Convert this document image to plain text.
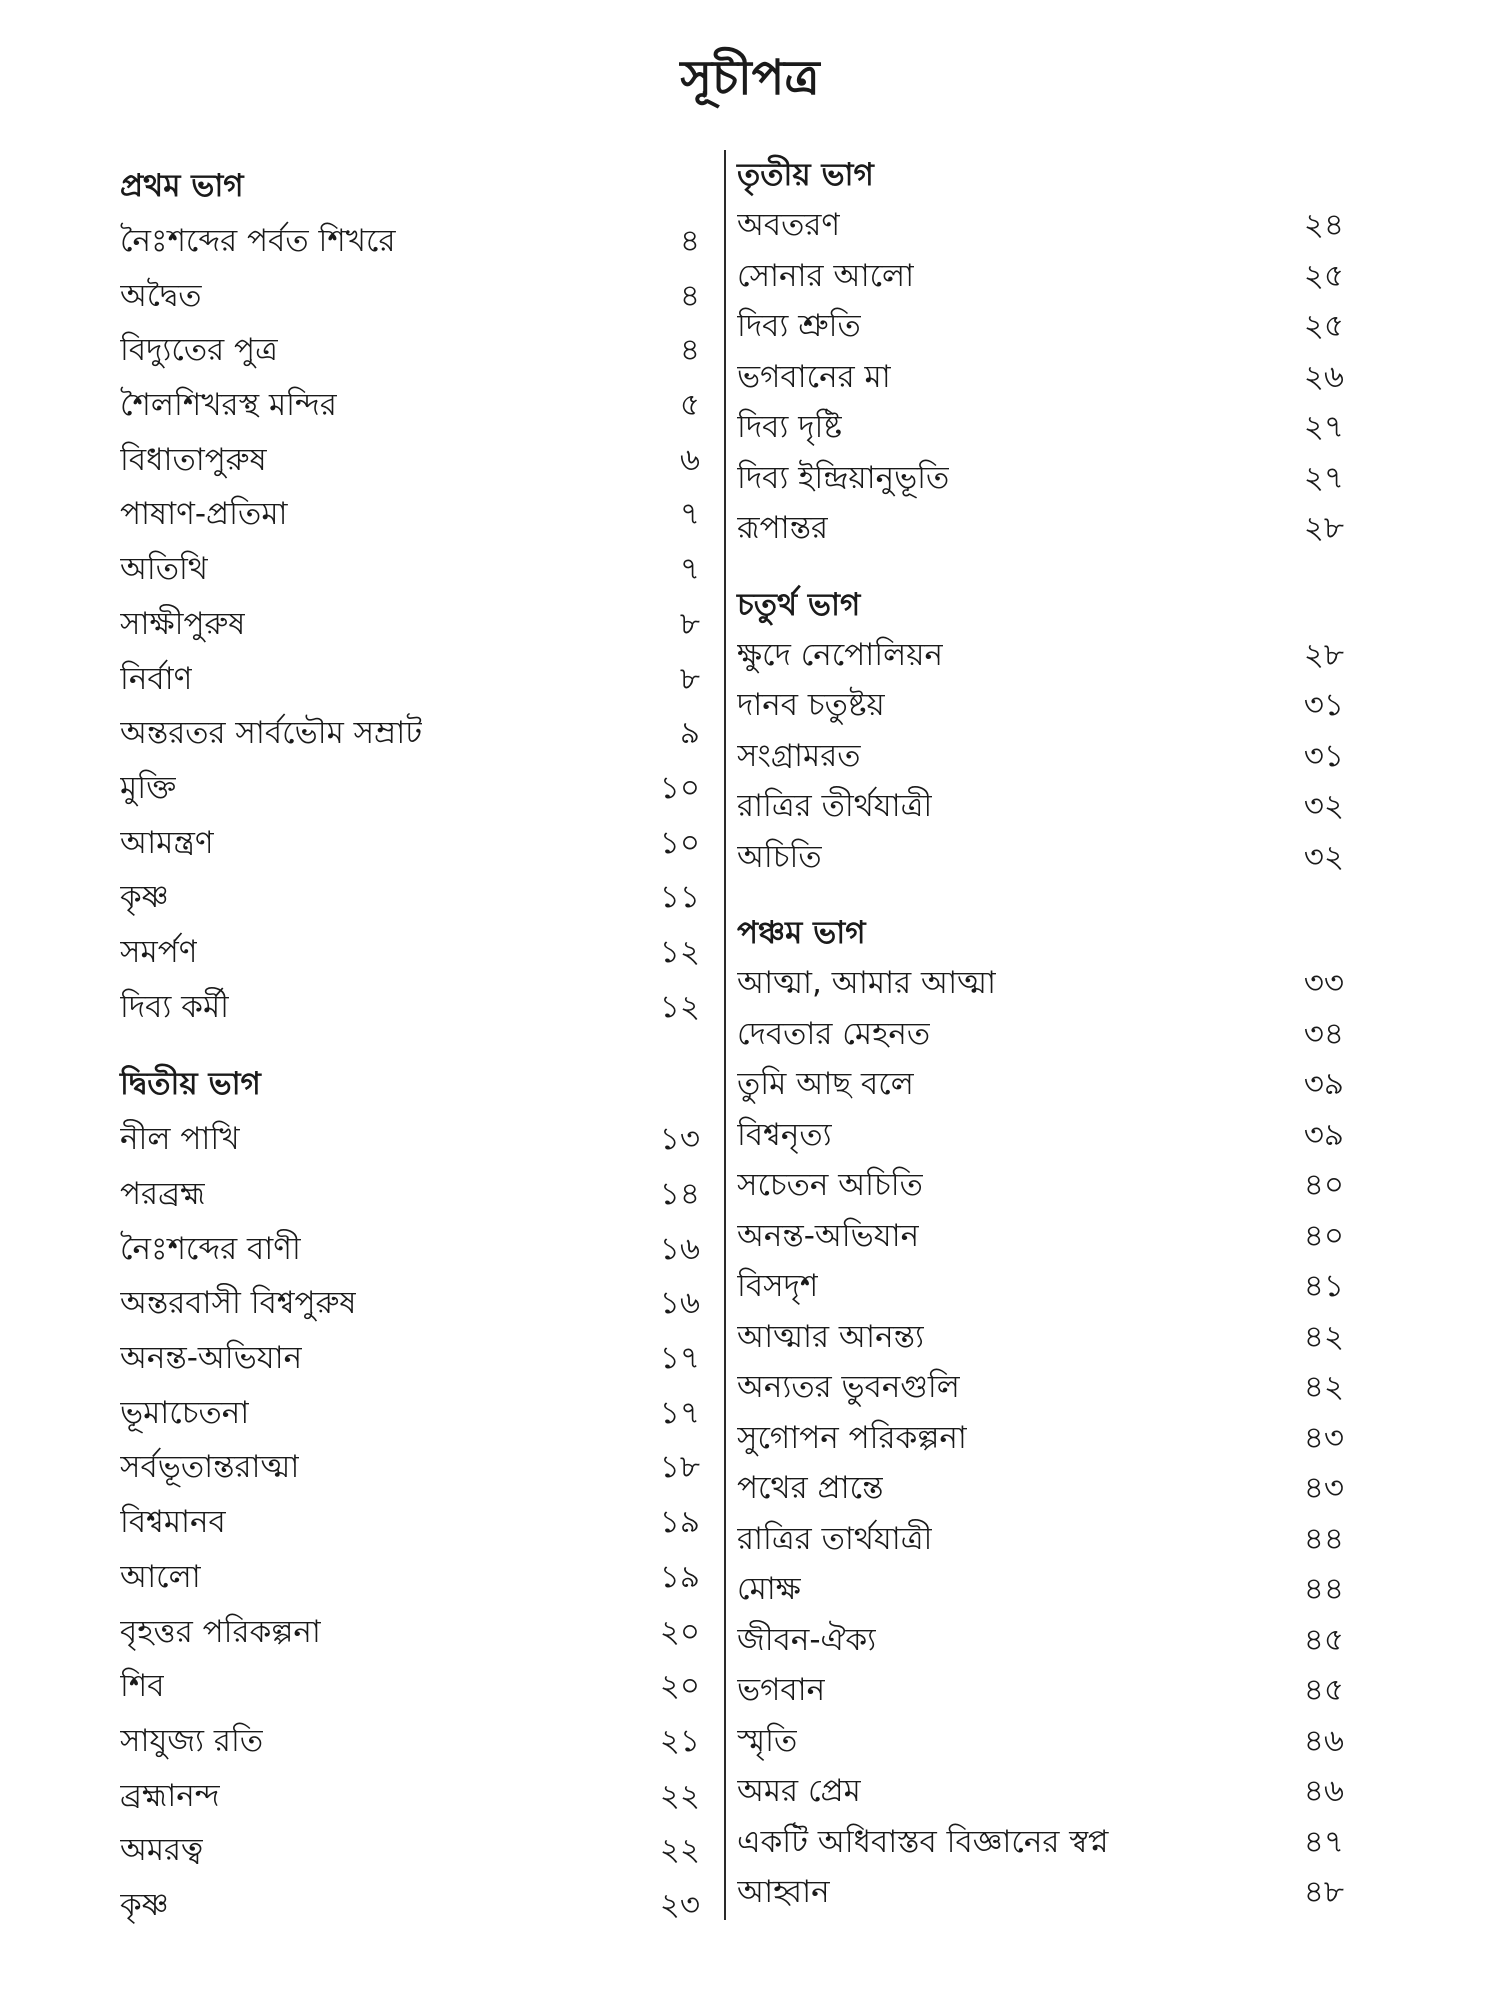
সূচীপত্র
প্রথম ভাগ
নৈঃশব্দের পর্বত শিখরে	৪
অদ্বৈত	৪
বিদ্যুতের পুত্র	৪
শৈলশিখরস্থ মন্দির	৫
বিধাতাপুরুষ	৬
পাষাণ-প্রতিমা	৭
অতিথি	৭
সাক্ষীপুরুষ	৮
নির্বাণ	৮
অন্তরতর সার্বভৌম সম্রাট	৯
মুক্তি	১০
আমন্ত্রণ	১০
কৃষ্ণ	১১
সমর্পণ	১২
দিব্য কর্মী	১২
দ্বিতীয় ভাগ
নীল পাখি	১৩
পরব্রহ্ম	১৪
নৈঃশব্দের বাণী	১৬
অন্তরবাসী বিশ্বপুরুষ	১৬
অনন্ত-অভিযান	১৭
ভূমাচেতনা	১৭
সর্বভূতান্তরাত্মা	১৮
বিশ্বমানব	১৯
আলো	১৯
বৃহত্তর পরিকল্পনা	২০
শিব	২০
সাযুজ্য রতি	২১
ব্রহ্মানন্দ	২২
অমরত্ব	২২
কৃষ্ণ	২৩
তৃতীয় ভাগ
অবতরণ	২৪
সোনার আলো	২৫
দিব্য শ্রুতি	২৫
ভগবানের মা	২৬
দিব্য দৃষ্টি	২৭
দিব্য ইন্দ্রিয়ানুভূতি	২৭
রূপান্তর	২৮
চতুর্থ ভাগ
ক্ষুদে নেপোলিয়ন	২৮
দানব চতুষ্টয়	৩১
সংগ্রামরত	৩১
রাত্রির তীর্থযাত্রী	৩২
অচিতি	৩২
পঞ্চম ভাগ
আত্মা, আমার আত্মা	৩৩
দেবতার মেহনত	৩৪
তুমি আছ বলে	৩৯
বিশ্বনৃত্য	৩৯
সচেতন অচিতি	৪০
অনন্ত-অভিযান	৪০
বিসদৃশ	৪১
আত্মার আনন্ত্য	৪২
অন্যতর ভুবনগুলি	৪২
সুগোপন পরিকল্পনা	৪৩
পথের প্রান্তে	৪৩
রাত্রির তার্থযাত্রী	৪৪
মোক্ষ	৪৪
জীবন-ঐক্য	৪৫
ভগবান	৪৫
স্মৃতি	৪৬
অমর প্রেম	৪৬
একটি অধিবাস্তব বিজ্ঞানের স্বপ্ন	৪৭
আহ্বান	৪৮
